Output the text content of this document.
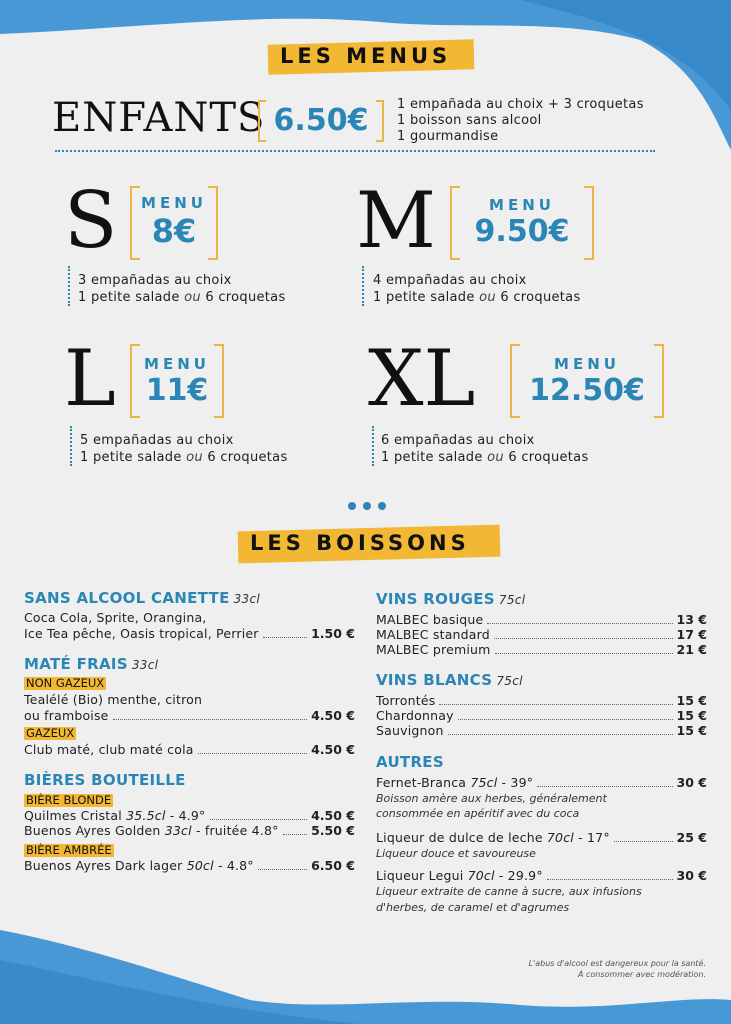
LES MENUS
ENFANTS 6.50€	1 empañada au choix + 3 croquetas
1 boisson sans alcool
1 gourmandise
S	MENU
8€
3 empañadas au choix
1 petite salade ou 6 croquetas
M	MENU
9.50€
4 empañadas au choix
1 petite salade ou 6 croquetas
L	MENU
11€
5 empañadas au choix
1 petite salade ou 6 croquetas
XL	MENU
12.50€
6 empañadas au choix
1 petite salade ou 6 croquetas
LES BOISSONS
SANS ALCOOL CANETTE 33cl
Coca Cola, Sprite, Orangina,
Ice Tea pêche, Oasis tropical, Perrier	1.50 €
MATÉ FRAIS 33cl
NON GAZEUX
Tealélé (Bio) menthe, citron
ou framboise	4.50 €
GAZEUX
Club maté, club maté cola	4.50 €
BIÈRES BOUTEILLE
BIÈRE BLONDE
Quilmes Cristal 35.5cl - 4.9°	4.50 €
Buenos Ayres Golden 33cl - fruitée 4.8°	5.50 €
BIÈRE AMBRÉE
Buenos Ayres Dark lager 50cl - 4.8°	6.50 €
VINS ROUGES 75cl
MALBEC basique	13 €
MALBEC standard	17 €
MALBEC premium	21 €
VINS BLANCS 75cl
Torrontés	15 €
Chardonnay	15 €
Sauvignon	15 €
AUTRES
Fernet-Branca 75cl - 39°	30 €
Boisson amère aux herbes, généralement
consommée en apéritif avec du coca
Liqueur de dulce de leche 70cl - 17°	25 €
Liqueur douce et savoureuse
Liqueur Legui 70cl - 29.9°	30 €
Liqueur extraite de canne à sucre, aux infusions
d'herbes, de caramel et d'agrumes
L'abus d'alcool est dangereux pour la santé.
À consommer avec modération.
